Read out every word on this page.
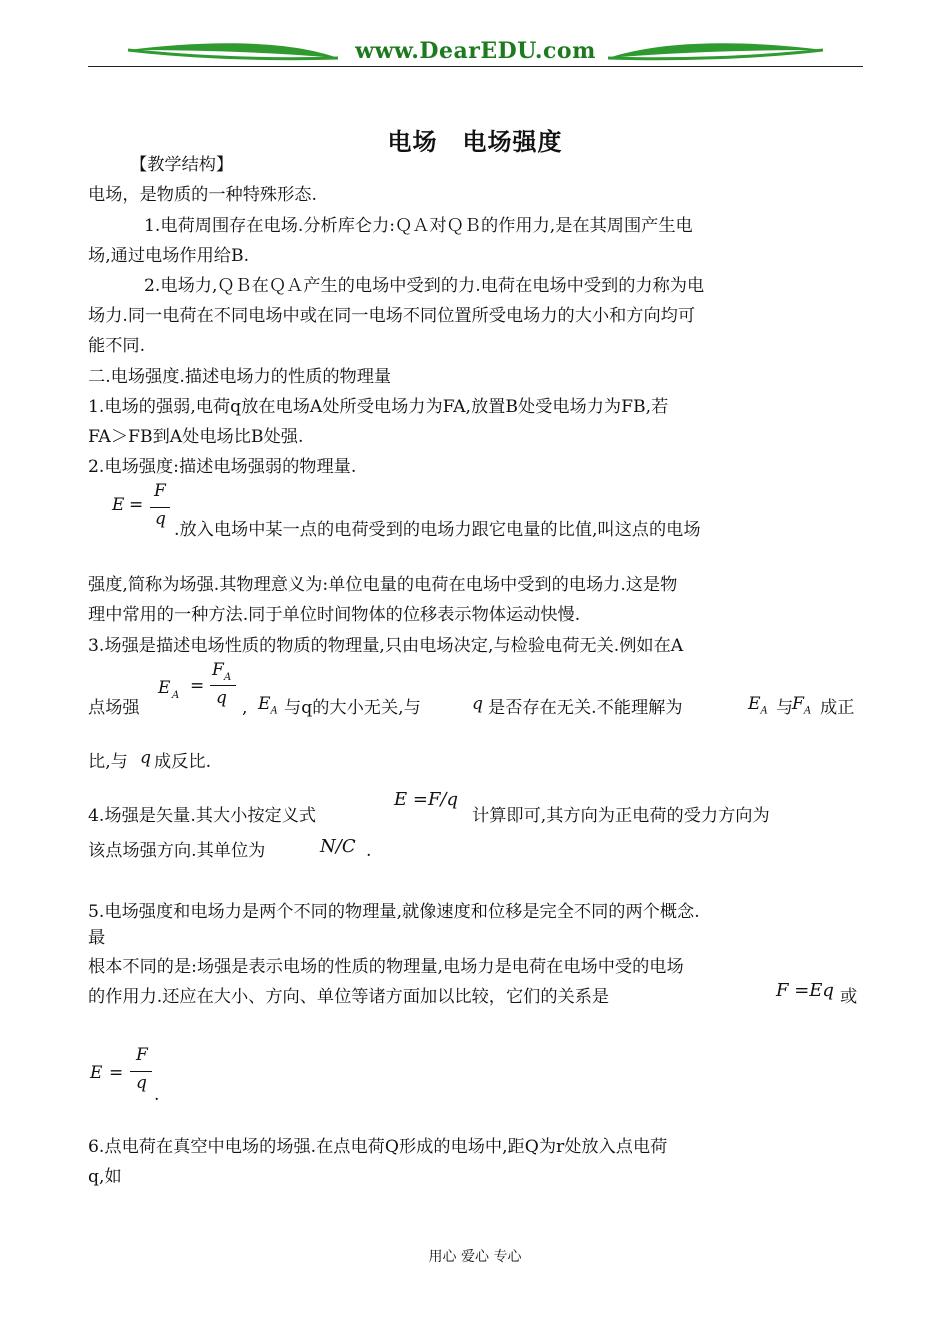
www.DearEDU.com
电场　电场强度
【教学结构】
电场，是物质的一种特殊形态.
1.电荷周围存在电场.分析库仑力:ＱＡ对ＱＢ的作用力,是在其周围产生电
场,通过电场作用给B.
2.电场力,ＱＢ在ＱＡ产生的电场中受到的力.电荷在电场中受到的力称为电
场力.同一电荷在不同电场中或在同一电场不同位置所受电场力的大小和方向均可
能不同.
二.电场强度.描述电场力的性质的物理量
1.电场的强弱,电荷q放在电场A处所受电场力为FA,放置B处受电场力为FB,若
FA＞FB到A处电场比B处强.
2.电场强度:描述电场强弱的物理量.
E =
F
q
.放入电场中某一点的电荷受到的电场力跟它电量的比值,叫这点的电场
强度,简称为场强.其物理意义为:单位电量的电荷在电场中受到的电场力.这是物
理中常用的一种方法.同于单位时间物体的位移表示物体运动快慢.
3.场强是描述电场性质的物质的物理量,只由电场决定,与检验电荷无关.例如在A
点场强
E A =
F A
q , $E_A$ 与q的大小无关,与	q 是否存在无关.不能理解为	$E_A$ 与
$F_A$ 成正
比,与 q 成反比.
4.场强是矢量.其大小按定义式
E =F∕q
计算即可,其方向为正电荷的受力方向为
该点场强方向.其单位为	N/C .
5.电场强度和电场力是两个不同的物理量,就像速度和位移是完全不同的两个概念.
最
根本不同的是:场强是表示电场的性质的物理量,电场力是电荷在电场中受的电场
的作用力.还应在大小、方向、单位等诸方面加以比较，它们的关系是	F =Eq 或
E =
F
q
.
6.点电荷在真空中电场的场强.在点电荷Q形成的电场中,距Q为r处放入点电荷
q,如
用心 爱心 专心
